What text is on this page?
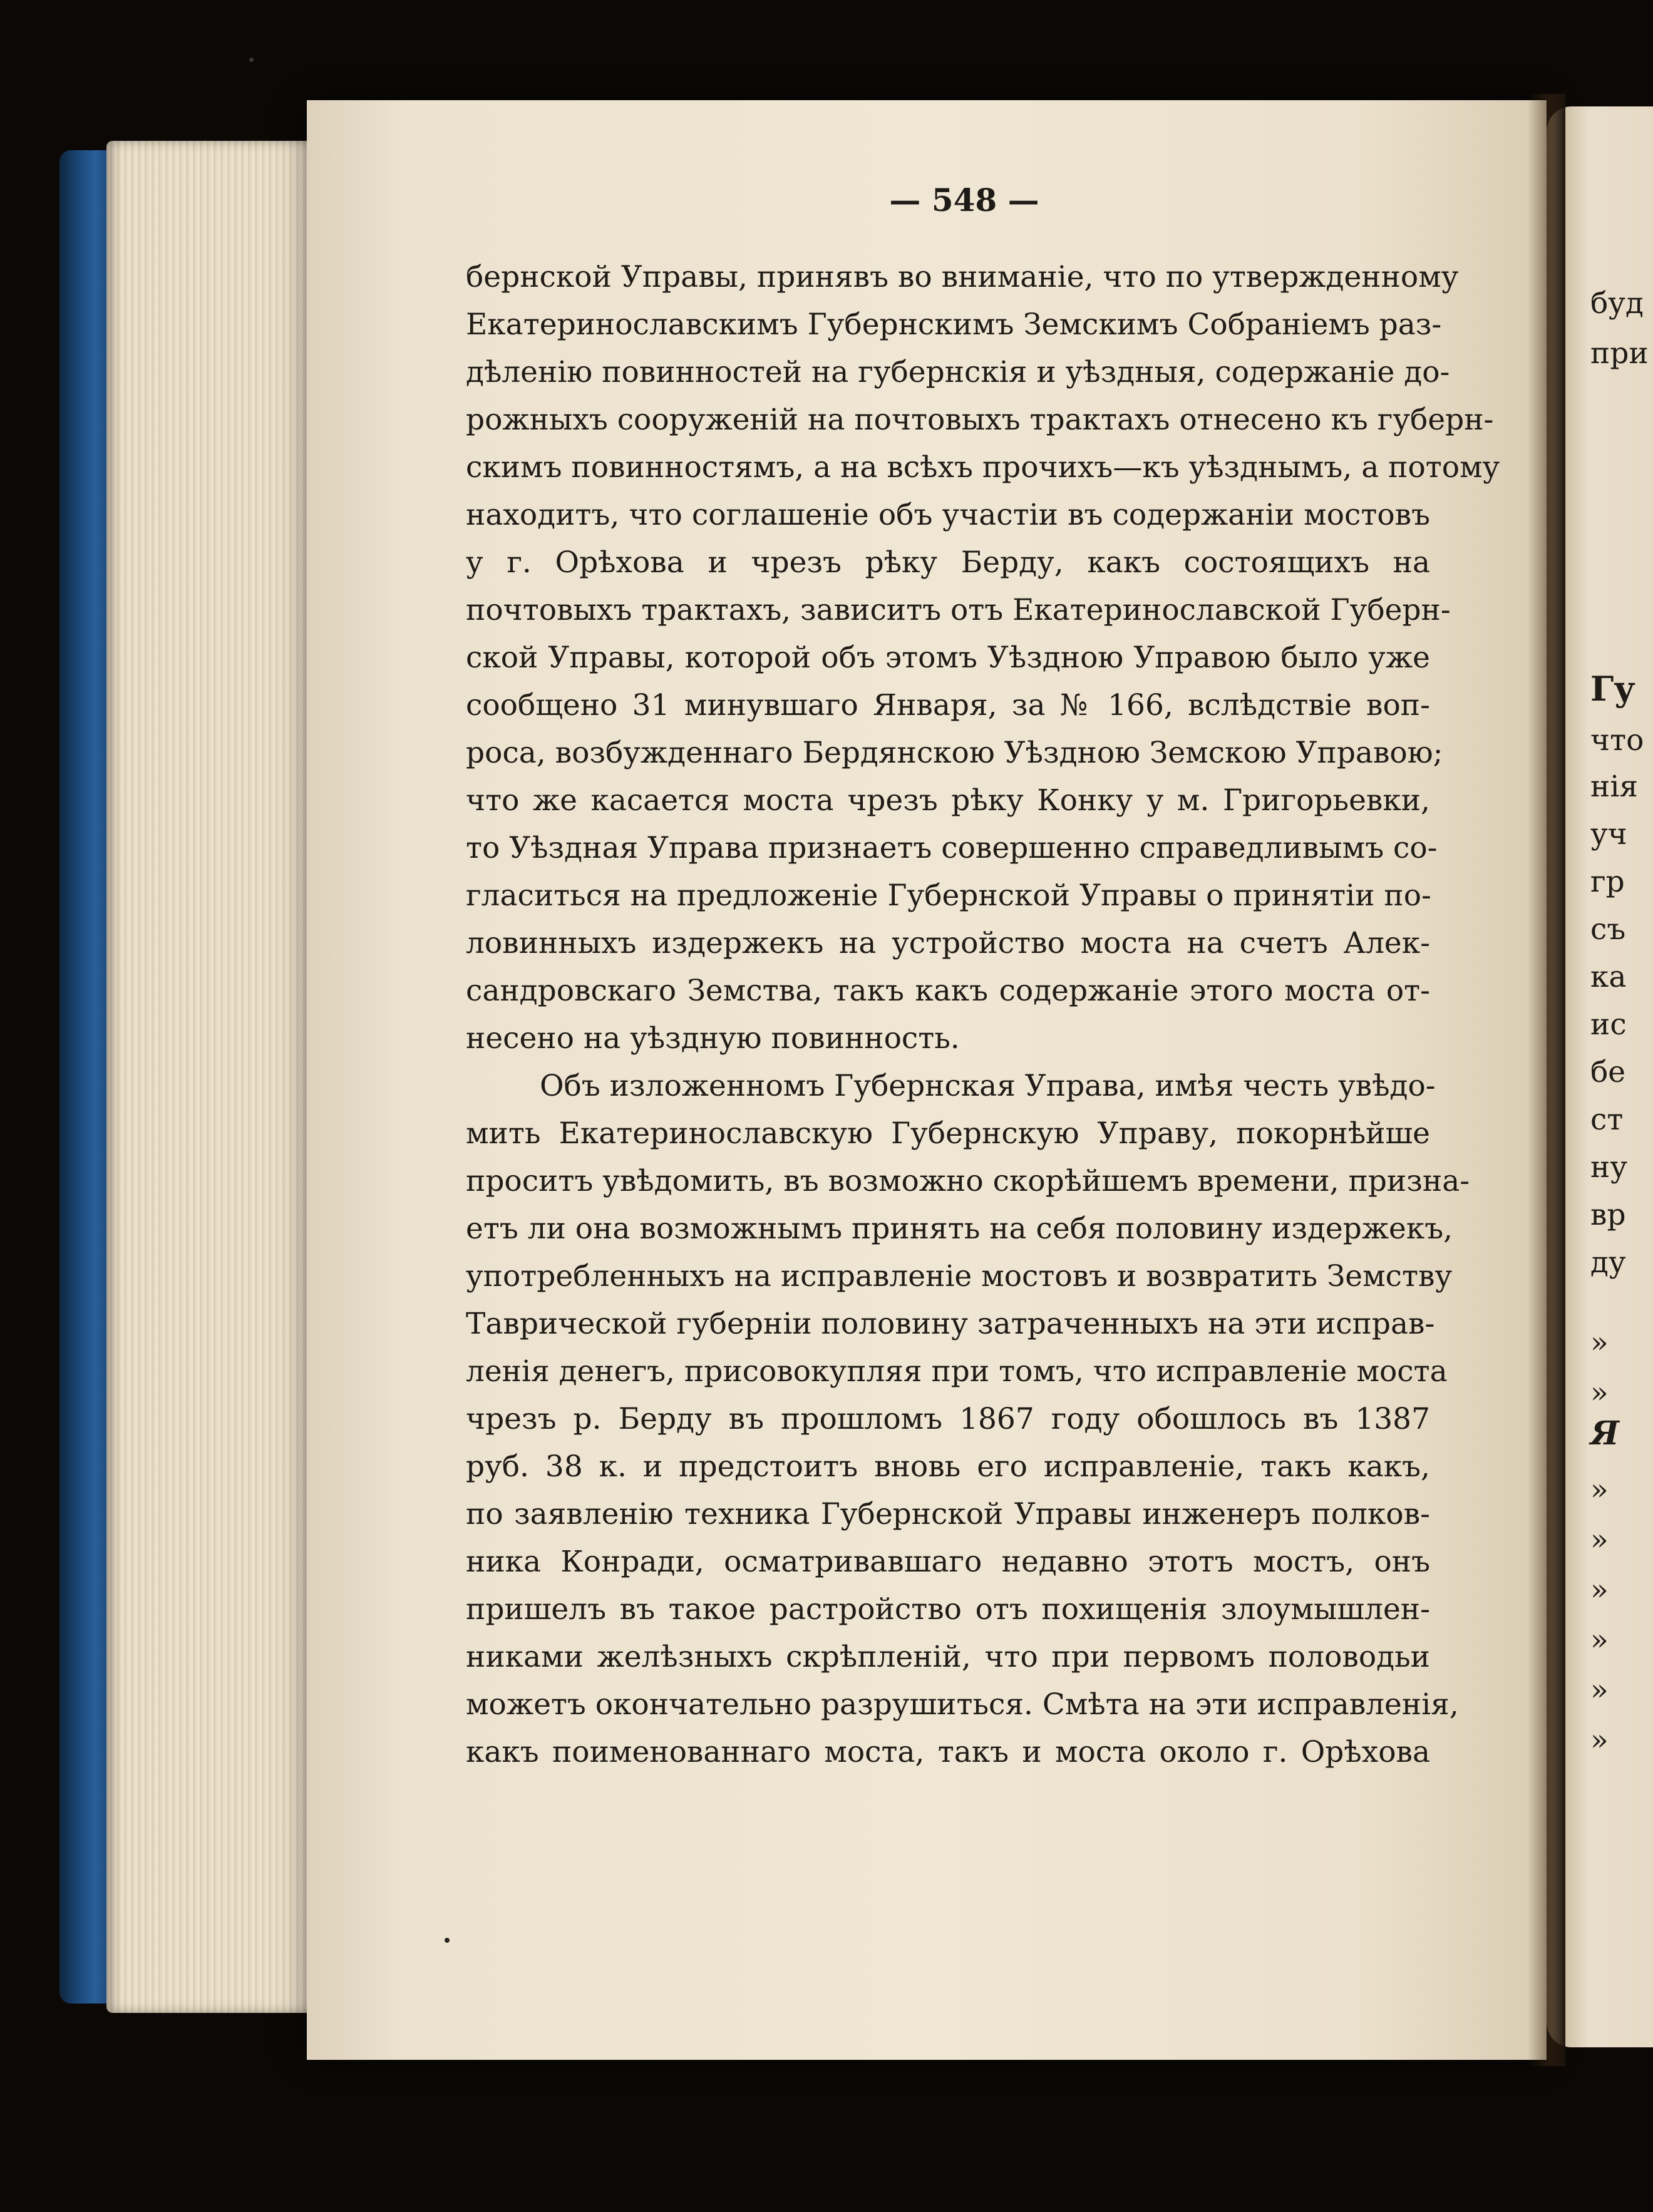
— 548 —
бернской Управы, принявъ во вниманіе, что по утвержденному
Екатеринославскимъ Губернскимъ Земскимъ Собраніемъ раз-
дѣленію повинностей на губернскія и уѣздныя, содержаніе до-
рожныхъ сооруженій на почтовыхъ трактахъ отнесено къ губерн-
скимъ повинностямъ, а на всѣхъ прочихъ—къ уѣзднымъ, а потому
находитъ, что соглашеніе объ участіи въ содержаніи мостовъ
у г. Орѣхова и чрезъ рѣку Берду, какъ состоящихъ на
почтовыхъ трактахъ, зависитъ отъ Екатеринославской Губерн-
ской Управы, которой объ этомъ Уѣздною Управою было уже
сообщено 31 минувшаго Января, за № 166, вслѣдствіе воп-
роса, возбужденнаго Бердянскою Уѣздною Земскою Управою;
что же касается моста чрезъ рѣку Конку у м. Григорьевки,
то Уѣздная Управа признаетъ совершенно справедливымъ со-
гласиться на предложеніе Губернской Управы о принятіи по-
ловинныхъ издержекъ на устройство моста на счетъ Алек-
сандровскаго Земства, такъ какъ содержаніе этого моста от-
несено на уѣздную повинность.
Объ изложенномъ Губернская Управа, имѣя честь увѣдо-
мить Екатеринославскую Губернскую Управу, покорнѣйше
проситъ увѣдомить, въ возможно скорѣйшемъ времени, призна-
етъ ли она возможнымъ принять на себя половину издержекъ,
употребленныхъ на исправленіе мостовъ и возвратить Земству
Таврической губерніи половину затраченныхъ на эти исправ-
ленія денегъ, присовокупляя при томъ, что исправленіе моста
чрезъ р. Берду въ прошломъ 1867 году обошлось въ 1387
руб. 38 к. и предстоитъ вновь его исправленіе, такъ какъ,
по заявленію техника Губернской Управы инженеръ полков-
ника Конради, осматривавшаго недавно этотъ мостъ, онъ
пришелъ въ такое растройство отъ похищенія злоумышлен-
никами желѣзныхъ скрѣпленій, что при первомъ половодьи
можетъ окончательно разрушиться. Смѣта на эти исправленія,
какъ поименованнаго моста, такъ и моста около г. Орѣхова
буд
при
Гу
что
нія
уч
гр
съ
ка
ис
бе
ст
ну
вр
ду
»
»
Я
»
»
»
»
»
»
